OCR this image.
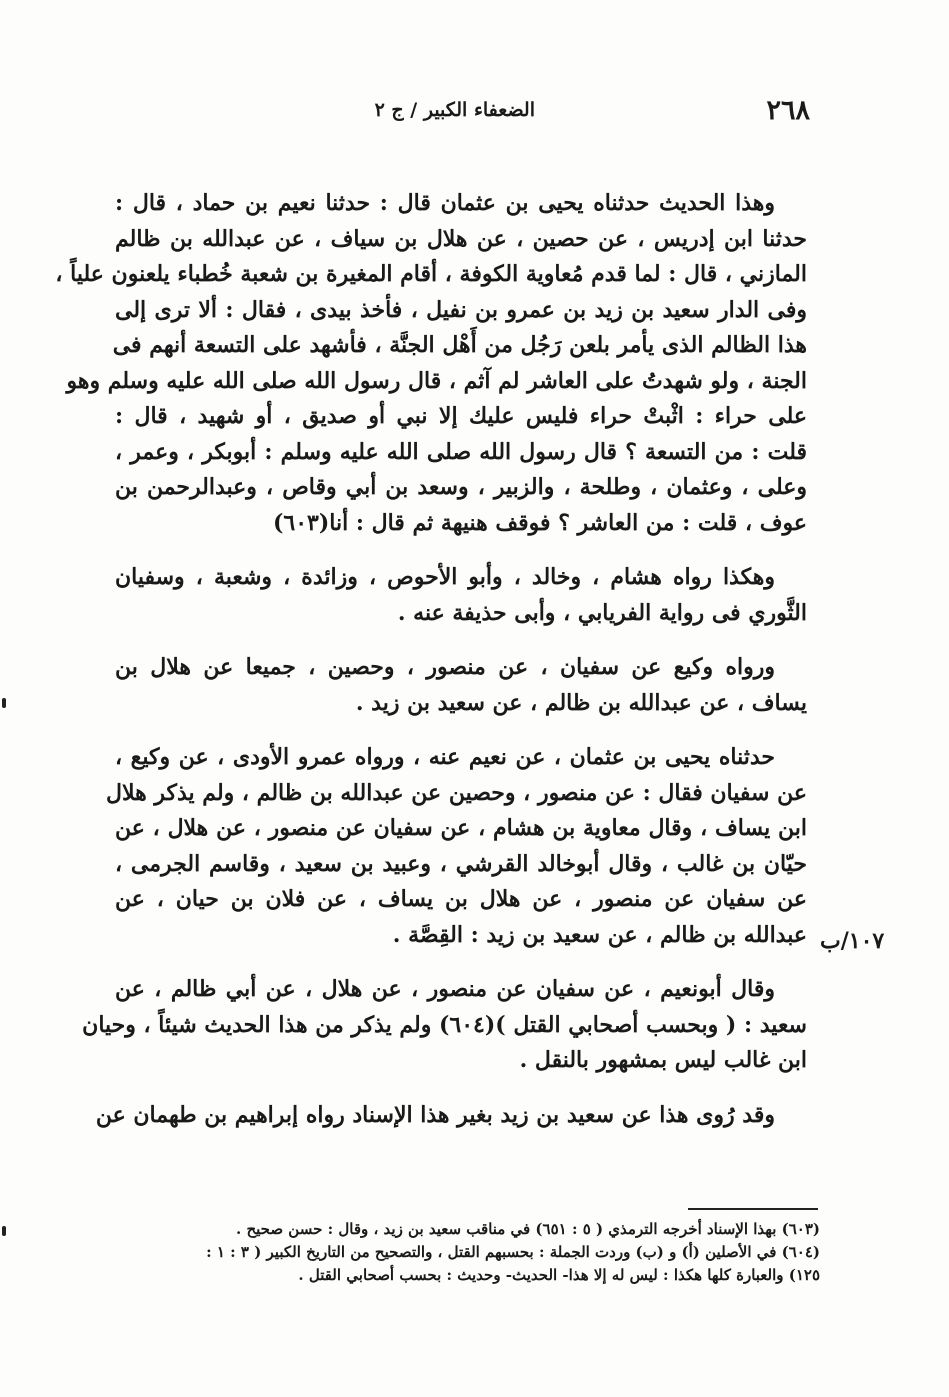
٢٦٨
الضعفاء الكبير / ج ٢
وهذا الحديث حدثناه يحيى بن عثمان قال : حدثنا نعيم بن حماد ، قال :
حدثنا ابن إدريس ، عن حصين ، عن هلال بن سياف ، عن عبدالله بن ظالم
المازني ، قال : لما قدم مُعاوية الكوفة ، أقام المغيرة بن شعبة خُطباء يلعنون علياً ،
وفى الدار سعيد بن زيد بن عمرو بن نفيل ، فأخذ بيدى ، فقال : ألا ترى إلى
هذا الظالم الذى يأمر بلعن رَجُل من أَهْل الجنَّة ، فأشهد على التسعة أنهم فى
الجنة ، ولو شهدتُ على العاشر لم آثم ، قال رسول الله صلى الله عليه وسلم وهو
على حراء : اثْبتْ حراء فليس عليك إلا نبي أو صديق ، أو شهيد ، قال :
قلت : من التسعة ؟ قال رسول الله صلى الله عليه وسلم : أبوبكر ، وعمر ،
وعلى ، وعثمان ، وطلحة ، والزبير ، وسعد بن أبي وقاص ، وعبدالرحمن بن
عوف ، قلت : من العاشر ؟ فوقف هنيهة ثم قال : أنا(٦٠٣)
وهكذا رواه هشام ، وخالد ، وأبو الأحوص ، وزائدة ، وشعبة ، وسفيان
الثَّوري فى رواية الفريابي ، وأبى حذيفة عنه .
ورواه وكيع عن سفيان ، عن منصور ، وحصين ، جميعا عن هلال بن
يساف ، عن عبدالله بن ظالم ، عن سعيد بن زيد .
حدثناه يحيى بن عثمان ، عن نعيم عنه ، ورواه عمرو الأودى ، عن وكيع ،
عن سفيان فقال : عن منصور ، وحصين عن عبدالله بن ظالم ، ولم يذكر هلال
ابن يساف ، وقال معاوية بن هشام ، عن سفيان عن منصور ، عن هلال ، عن
حيّان بن غالب ، وقال أبوخالد القرشي ، وعبيد بن سعيد ، وقاسم الجرمى ،
عن سفيان عن منصور ، عن هلال بن يساف ، عن فلان بن حيان ، عن
عبدالله بن ظالم ، عن سعيد بن زيد : القِصَّة .
وقال أبونعيم ، عن سفيان عن منصور ، عن هلال ، عن أبي ظالم ، عن
سعيد : ( وبحسب أصحابي القتل )(٦٠٤) ولم يذكر من هذا الحديث شيئاً ، وحيان
ابن غالب ليس بمشهور بالنقل .
وقد رُوى هذا عن سعيد بن زيد بغير هذا الإسناد رواه إبراهيم بن طهمان عن
١٠٧/ب
(٦٠٣) بهذا الإسناد أخرجه الترمذي ( ٥ : ٦٥١) في مناقب سعيد بن زيد ، وقال : حسن صحيح .
(٦٠٤) في الأصلين (أ) و (ب) وردت الجملة : بحسبهم القتل ، والتصحيح من التاريخ الكبير ( ٣ : ١ :
١٢٥) والعبارة كلها هكذا : ليس له إلا هذا- الحديث- وحديث : بحسب أصحابي القتل .
